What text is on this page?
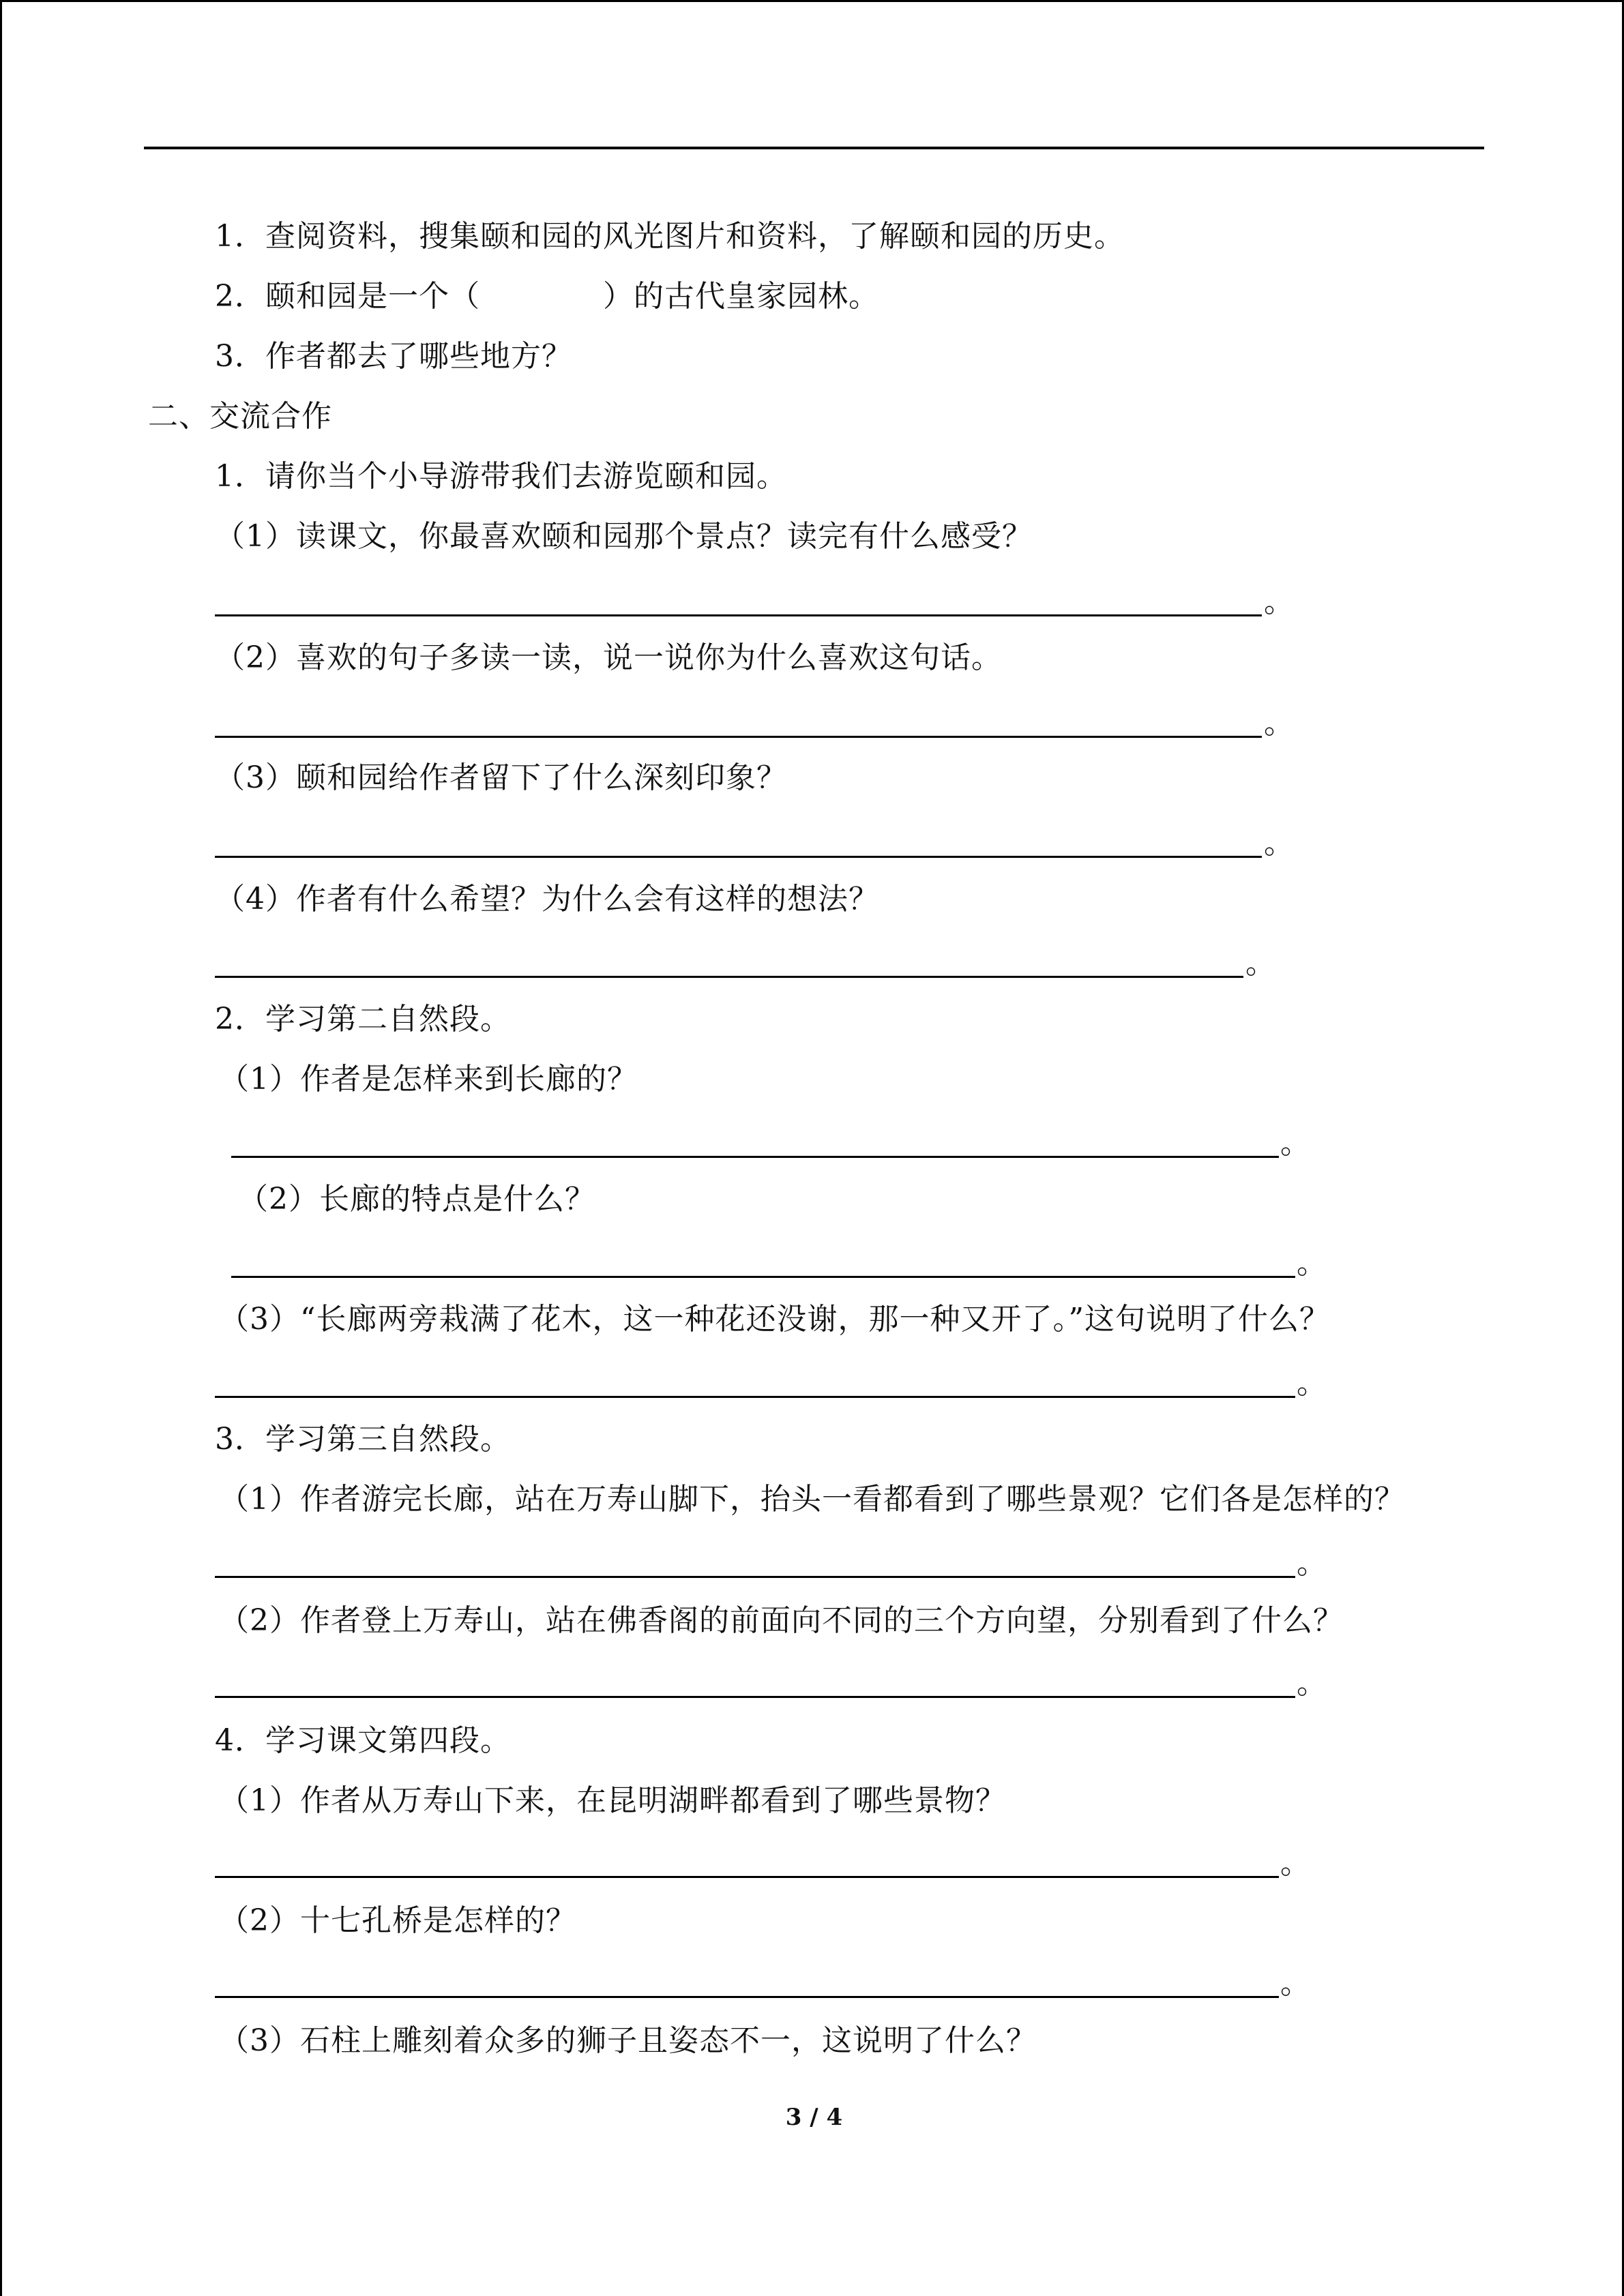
1．查阅资料，搜集颐和园的风光图片和资料，了解颐和园的历史。
2．颐和园是一个（　　　　）的古代皇家园林。
3．作者都去了哪些地方？
二、交流合作
1．请你当个小导游带我们去游览颐和园。
（1）读课文，你最喜欢颐和园那个景点？读完有什么感受？
。
（2）喜欢的句子多读一读，说一说你为什么喜欢这句话。
。
（3）颐和园给作者留下了什么深刻印象？
。
（4）作者有什么希望？为什么会有这样的想法？
。
2．学习第二自然段。
（1）作者是怎样来到长廊的？
。
（2）长廊的特点是什么？
。
（3）“长廊两旁栽满了花木，这一种花还没谢，那一种又开了。”这句说明了什么？
。
3．学习第三自然段。
（1）作者游完长廊，站在万寿山脚下，抬头一看都看到了哪些景观？它们各是怎样的？
。
（2）作者登上万寿山，站在佛香阁的前面向不同的三个方向望，分别看到了什么？
。
4．学习课文第四段。
（1）作者从万寿山下来，在昆明湖畔都看到了哪些景物？
。
（2）十七孔桥是怎样的？
。
（3）石柱上雕刻着众多的狮子且姿态不一，这说明了什么？
3 / 4
